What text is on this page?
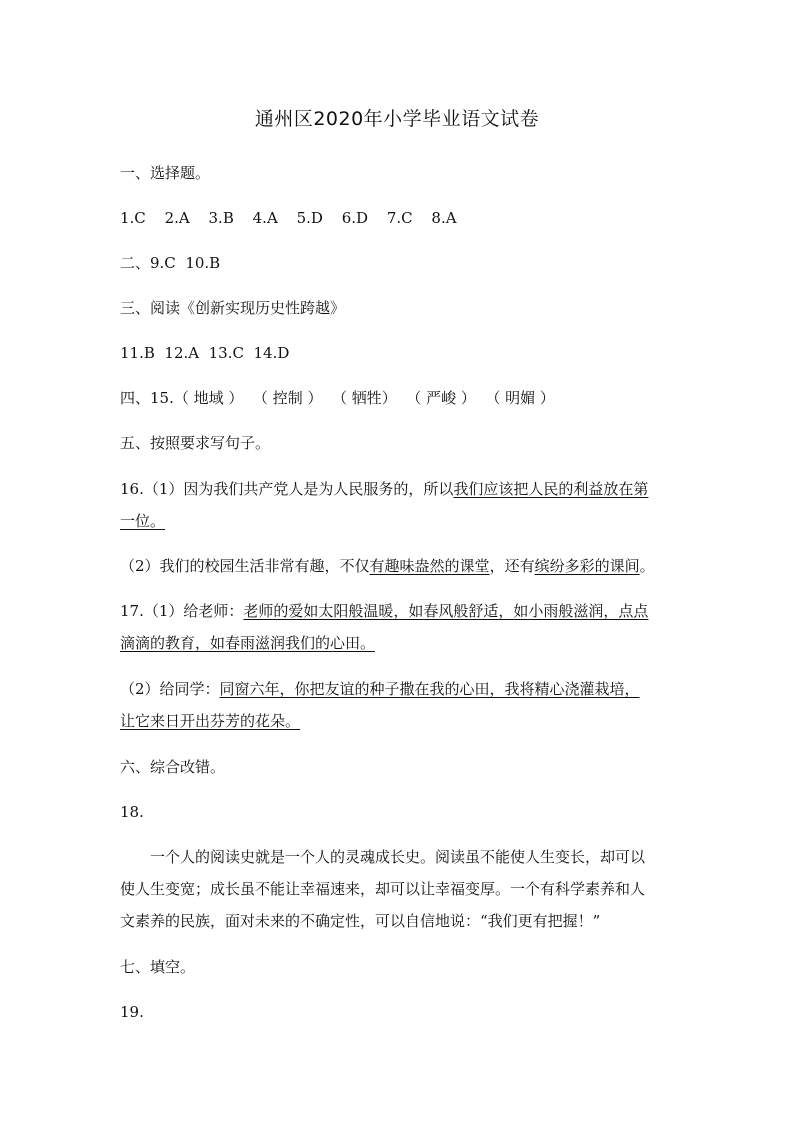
通州区2020年小学毕业语文试卷
一、选择题。
1.C 2.A 3.B 4.A 5.D 6.D 7.C 8.A
二、9.C  10.B
三、阅读《创新实现历史性跨越》
11.B  12.A  13.C  14.D
四、15.（ 地域 ）  （ 控制 ）  （ 牺牲）  （ 严峻 ）  （ 明媚 ）
五、按照要求写句子。
16.（1）因为我们共产党人是为人民服务的，所以我们应该把人民的利益放在第
一位。
（2）我们的校园生活非常有趣，不仅有趣味盎然的课堂，还有缤纷多彩的课间。
17.（1）给老师：老师的爱如太阳般温暖，如春风般舒适，如小雨般滋润，点点
滴滴的教育，如春雨滋润我们的心田。
（2）给同学：同窗六年，你把友谊的种子撒在我的心田，我将精心浇灌栽培，
让它来日开出芬芳的花朵。
六、综合改错。
18.
一个人的阅读史就是一个人的灵魂成长史。阅读虽不能使人生变长，却可以
使人生变宽；成长虽不能让幸福速来，却可以让幸福变厚。一个有科学素养和人
文素养的民族，面对未来的不确定性，可以自信地说：“我们更有把握！”
七、填空。
19.
